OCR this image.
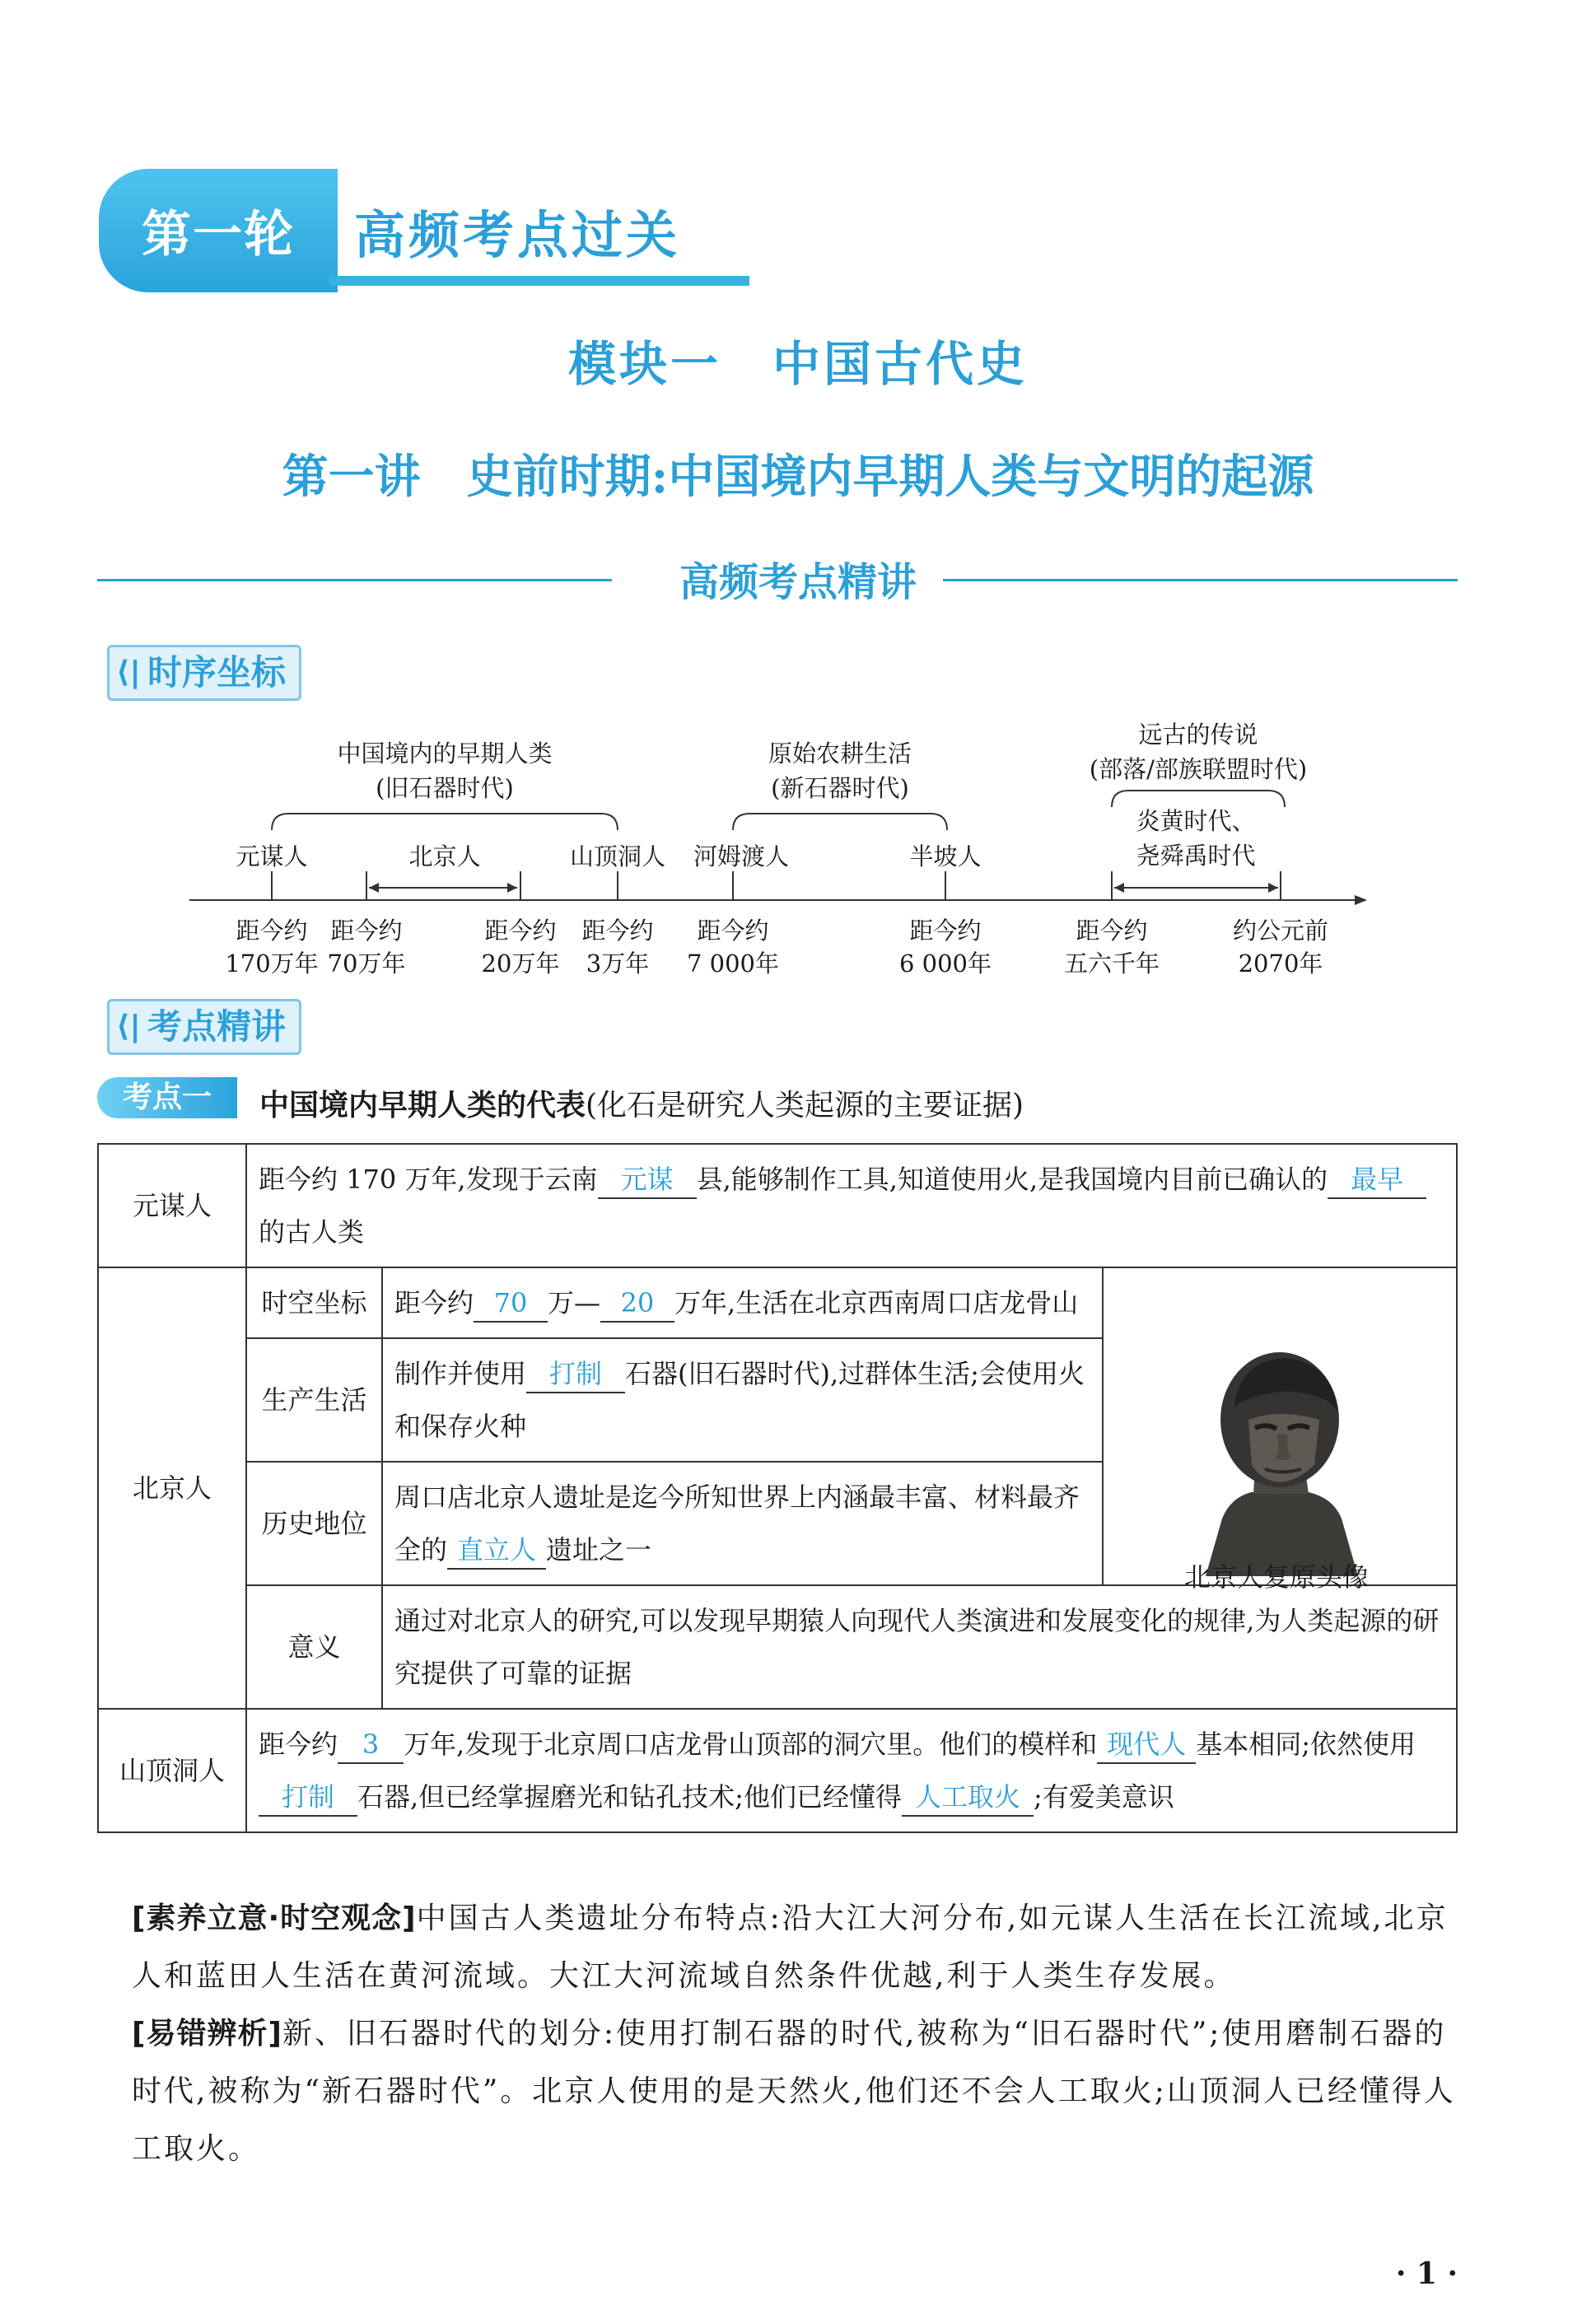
第一轮	高频考点过关
模块一　中国古代史
第一讲　史前时期:中国境内早期人类与文明的起源
高频考点精讲
⟨| 时序坐标
中国境内的早期人类
(旧石器时代)
原始农耕生活
(新石器时代)
远古的传说
(部落/部族联盟时代)
元谋人	北京人	山顶洞人	河姆渡人	半坡人
炎黄时代、
尧舜禹时代
距今约
170万年
距今约
70万年
距今约
20万年
距今约
3万年
距今约
7 000年
距今约
6 000年
距今约
五六千年
约公元前
2070年
⟨| 考点精讲
考点一	中国境内早期人类的代表(化石是研究人类起源的主要证据)
元谋人	距今约 170 万年,发现于云南 元谋 县,能够制作工具,知道使用火,是我国境内目前已确认的 最早的古人类		
北京人	时空坐标	距今约 70 万— 20 万年,生活在北京西南周口店龙骨山	

	生产生活	制作并使用 打制 石器(旧石器时代),过群体生活;会使用火和保存火种	
	历史地位	周口店北京人遗址是迄今所知世界上内涵最丰富、材料最齐全的 直立人 遗址之一	
	意义	通过对北京人的研究,可以发现早期猿人向现代人类演进和发展变化的规律,为人类起源的研究提供了可靠的证据	
山顶洞人	距今约 3 万年,发现于北京周口店龙骨山顶部的洞穴里。他们的模样和 现代人 基本相同;依然使用打制 石器,但已经掌握磨光和钻孔技术;他们已经懂得 人工取火 ;有爱美意识		
北京人复原头像
[素养立意·时空观念]中国古人类遗址分布特点:沿大江大河分布,如元谋人生活在长江流域,北京人和蓝田人生活在黄河流域。大江大河流域自然条件优越,利于人类生存发展。
[易错辨析]新、旧石器时代的划分:使用打制石器的时代,被称为“旧石器时代”;使用磨制石器的时代,被称为“新石器时代”。北京人使用的是天然火,他们还不会人工取火;山顶洞人已经懂得人工取火。
· 1 ·
